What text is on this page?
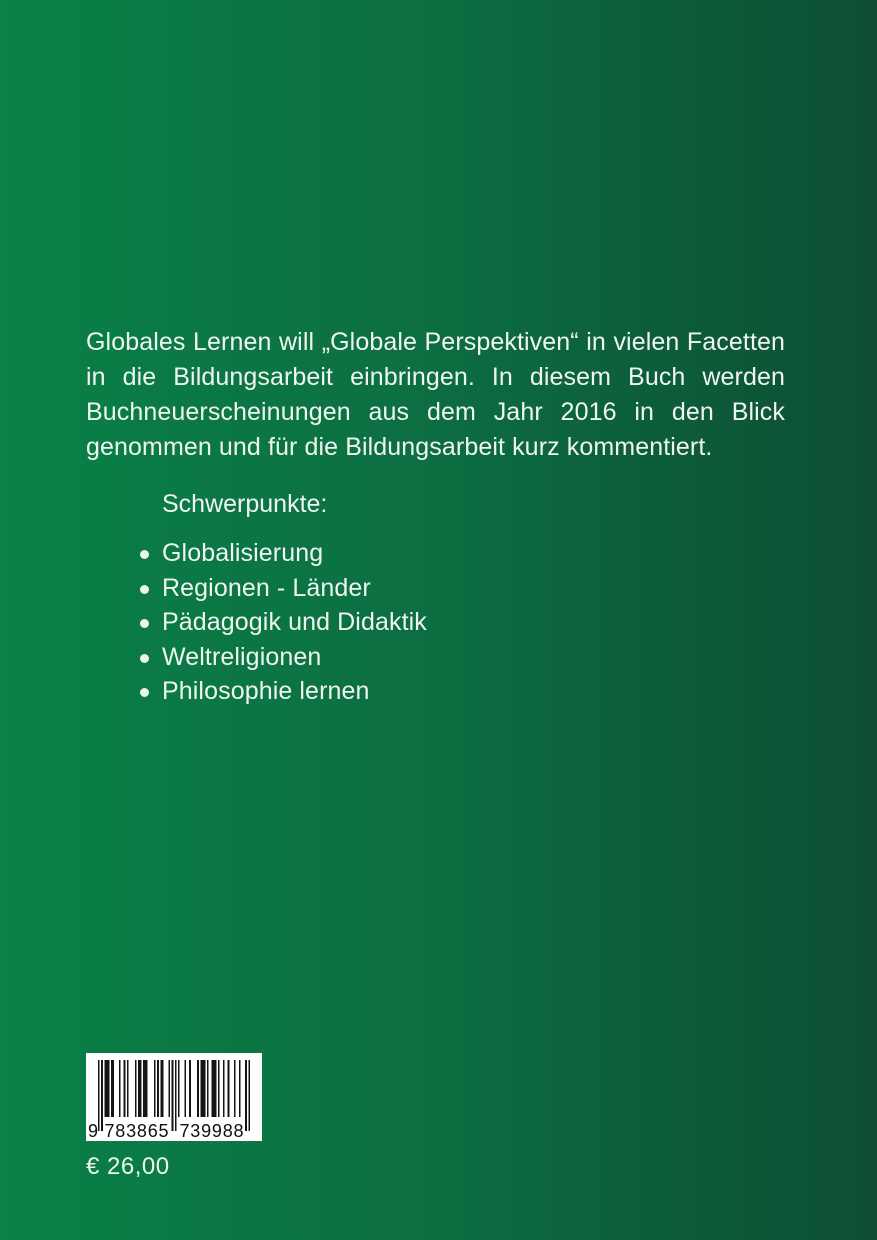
Globales Lernen will „Globale Perspektiven“ in vielen Facetten
in die Bildungsarbeit einbringen. In diesem Buch werden
Buchneuerscheinungen aus dem Jahr 2016 in den Blick
genommen und für die Bildungsarbeit kurz kommentiert.
Schwerpunkte:
Globalisierung
Regionen - Länder
Pädagogik und Didaktik
Weltreligionen
Philosophie lernen
9 783865 739988
€ 26,00
